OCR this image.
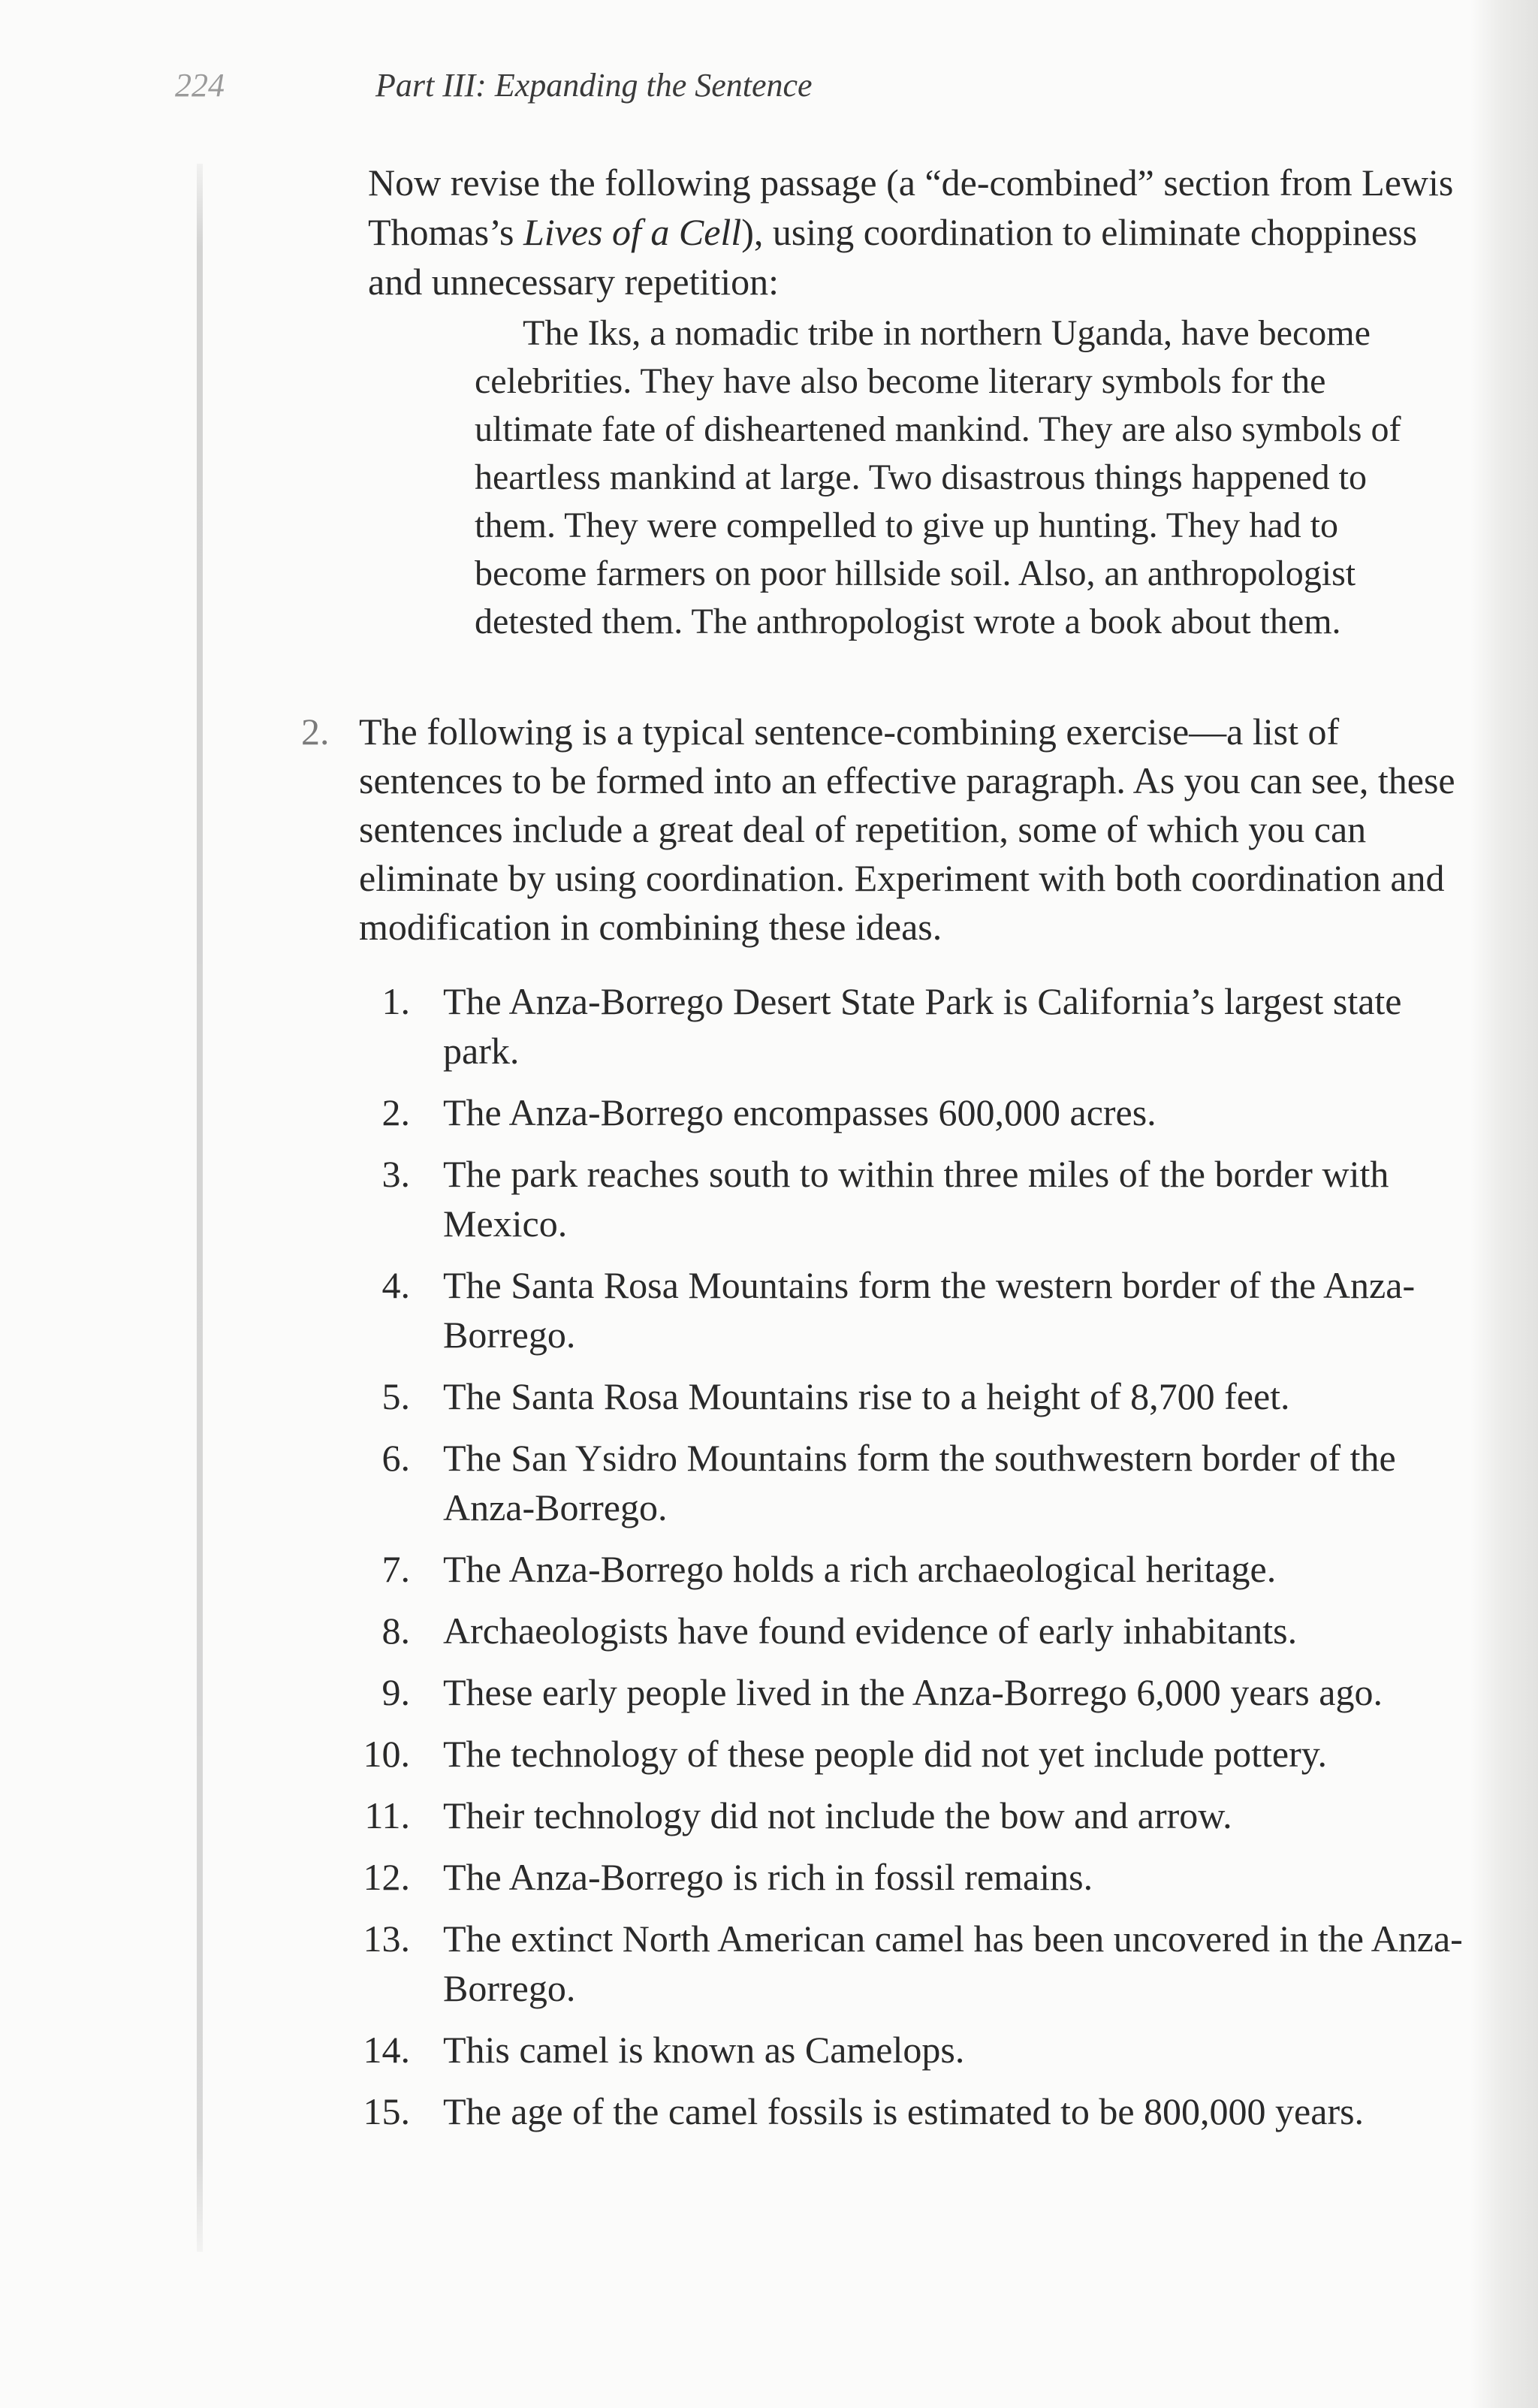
224	Part III: Expanding the Sentence

Now revise the following passage (a “de-combined” section from Lewis Thomas’s Lives of a Cell), using coordination to eliminate choppiness and unnecessary repetition:

The Iks, a nomadic tribe in northern Uganda, have become celebrities. They have also become literary symbols for the ultimate fate of disheartened mankind. They are also symbols of heartless mankind at large. Two disastrous things happened to them. They were compelled to give up hunting. They had to become farmers on poor hillside soil. Also, an anthropologist detested them. The anthropologist wrote a book about them.

2. The following is a typical sentence-combining exercise—a list of sentences to be formed into an effective paragraph. As you can see, these sentences include a great deal of repetition, some of which you can eliminate by using coordination. Experiment with both coordination and modification in combining these ideas.

1. The Anza-Borrego Desert State Park is California’s largest state park.
2. The Anza-Borrego encompasses 600,000 acres.
3. The park reaches south to within three miles of the border with Mexico.
4. The Santa Rosa Mountains form the western border of the Anza-Borrego.
5. The Santa Rosa Mountains rise to a height of 8,700 feet.
6. The San Ysidro Mountains form the southwestern border of the Anza-Borrego.
7. The Anza-Borrego holds a rich archaeological heritage.
8. Archaeologists have found evidence of early inhabitants.
9. These early people lived in the Anza-Borrego 6,000 years ago.
10. The technology of these people did not yet include pottery.
11. Their technology did not include the bow and arrow.
12. The Anza-Borrego is rich in fossil remains.
13. The extinct North American camel has been uncovered in the Anza-Borrego.
14. This camel is known as Camelops.
15. The age of the camel fossils is estimated to be 800,000 years.
